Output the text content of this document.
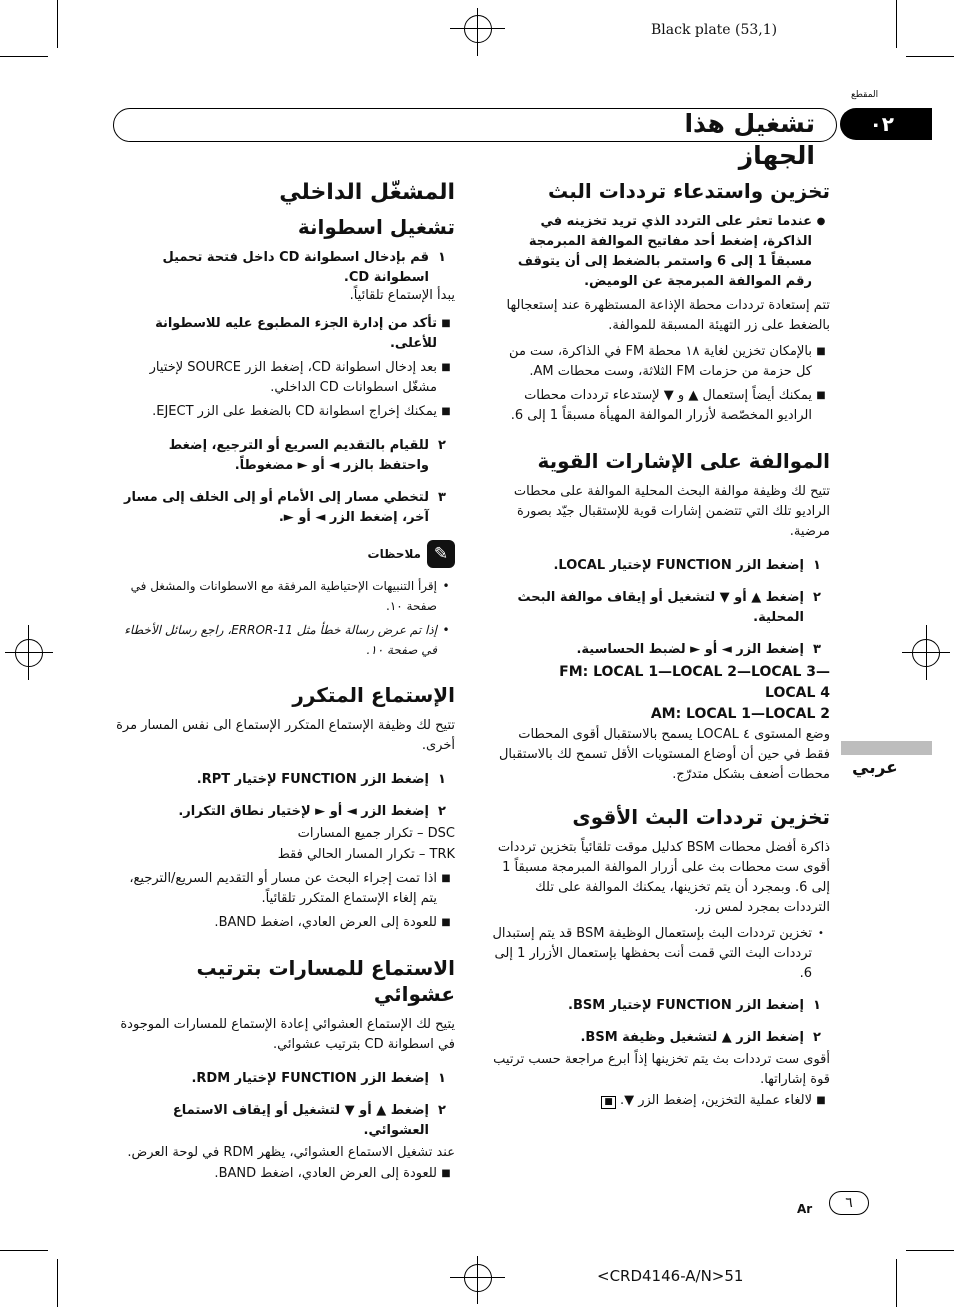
Black plate (53,1)
المقطع
تشغيل هذا الجهاز
٠٢
عربي
المشغّل الداخلي
تشغيل اسطوانة
١
قم بإدخال اسطوانة CD داخل فتحة تحميل اسطوانة CD.
يبدأ الإستماع تلقائياً.
■
تأكد من إدارة الجزء المطبوع عليه للاسطوانة للأعلى.
■
بعد إدخال اسطوانة CD، إضغط الزر SOURCE لإختيار مشغّل اسطوانات CD الداخلي.
■
يمكنك إخراج اسطوانة CD بالضغط على الزر EJECT.
٢
للقيام بالتقديم السريع أو الترجيع، إضغط واحتفظ بالزر ◄ أو ► مضغوطاً.
٣
لتخطي مسار إلى الأمام أو إلى الخلف إلى مسار آخر، إضغط الزر ◄ أو ►.
✎
ملاحظات
•
إقرأ التنبيهات الإحتياطية المرفقة مع الاسطوانات والمشغل في صفحة ١٠.
•
إذا تم عرض رسالة خطأ مثل ERROR-11، راجع رسائل الأخطاء في صفحة ١٠.
الإستماع المتكرر
تتيح لك وظيفة الإستماع المتكرر الإستماع الى نفس المسار مرة أخرى.
١
إضغط الزر FUNCTION لإختيار RPT.
٢
إضغط الزر ◄ أو ► لإختيار نطاق التكرار.
DSC – تكرار جميع المسارات
TRK – تكرار المسار الحالي فقط
■
اذا تمت إجراء البحث عن مسار أو التقديم السريع/الترجيع، يتم إلغاء الإستماع المتكرر تلقائياً.
■
للعودة إلى العرض العادي، اضغط BAND.
الاستماع للمسارات بترتيب عشوائي
يتيح لك الإستماع العشوائي إعادة الإستماع للمسارات الموجودة في اسطوانة CD بترتيب عشوائي.
١
إضغط الزر FUNCTION لإختيار RDM.
٢
إضغط ▲ أو ▼ لتشغيل أو إيقاف الاستماع العشوائي.
عند تشغيل الاستماع العشوائي، يظهر RDM في لوحة العرض.
■
للعودة إلى العرض العادي، اضغط BAND.
تخزين واستدعاء ترددات البث
●
عندما تعثر على التردد الذي تريد تخزينه في الذاكرة، إضغط أحد مفاتيح الموالفة المبرمجة مسبقاً 1 إلى 6 واستمر بالضغط إلى أن يتوقف رقم الموالفة المبرمجة عن الوميض.
تتم إستعادة ترددات محطة الإذاعة المستظهرة عند إستعجالها بالضغط على زر التهيئة المسبقة للموالفة.
■
بالإمكان تخزين لغاية ١٨ محطة FM في الذاكرة، ست من كل حزمة من حزمات FM الثلاثة، وست محطات AM.
■
يمكنك أيضاً إستعمال ▲ و ▼ لإستدعاء ترددات محطات الراديو المخصّصة لأزرار الموالفة المهيأة مسبقاً 1 إلى 6.
الموالفة على الإشارات القوية
تتيح لك وظيفة موالفة البحث المحلية الموالفة على محطات الراديو تلك التي تتضمن إشارات قوية للإستقبال جيّد بصورة مرضية.
١
إضغط الزر FUNCTION لإختيار LOCAL.
٢
إضغط ▲ أو ▼ لتشغيل أو إيقاف موالفة البحث المحلية.
٣
إضغط الزر ◄ أو ► لضبط الحساسية.
FM: LOCAL 1—LOCAL 2—LOCAL 3—
LOCAL 4
AM: LOCAL 1—LOCAL 2
وضع المستوى ٤ LOCAL يسمح بالاستقبال أقوى المحطات فقط في حين أن أوضاع المستويات الأقل تسمح لك بالاستقبال محطات أضعف بشكل متدرّج.
تخزين ترددات البث الأقوى
ذاكرة أفضل محطات BSM كدليل موقت تلقائياً بتخزين ترددات أقوى ست محطات بث على أزرار الموالفة المبرمجة مسبقاً 1 إلى 6. وبمجرد أن يتم تخزينها، يمكنك الموالفة على تلك الترددات بمجرد لمس زر.
•
تخزين ترددات البث بإستعمال الوظيفة BSM قد يتم إستبدال ترددات البث التي قمت أنت بحفظها بإستعمال الأزرار 1 إلى 6.
١
إضغط الزر FUNCTION لإختيار BSM.
٢
إضغط الزر ▲ لتشغيل وظيفة BSM.
أقوى ست ترددات بث يتم تخزينها إذاً ابرع مراجعة حسب ترتيب قوة إشاراتها.
■
لالغاء عملية التخزين، إضغط الزر ▼. ■
Ar	٦
<CRD4146-A/N>51
